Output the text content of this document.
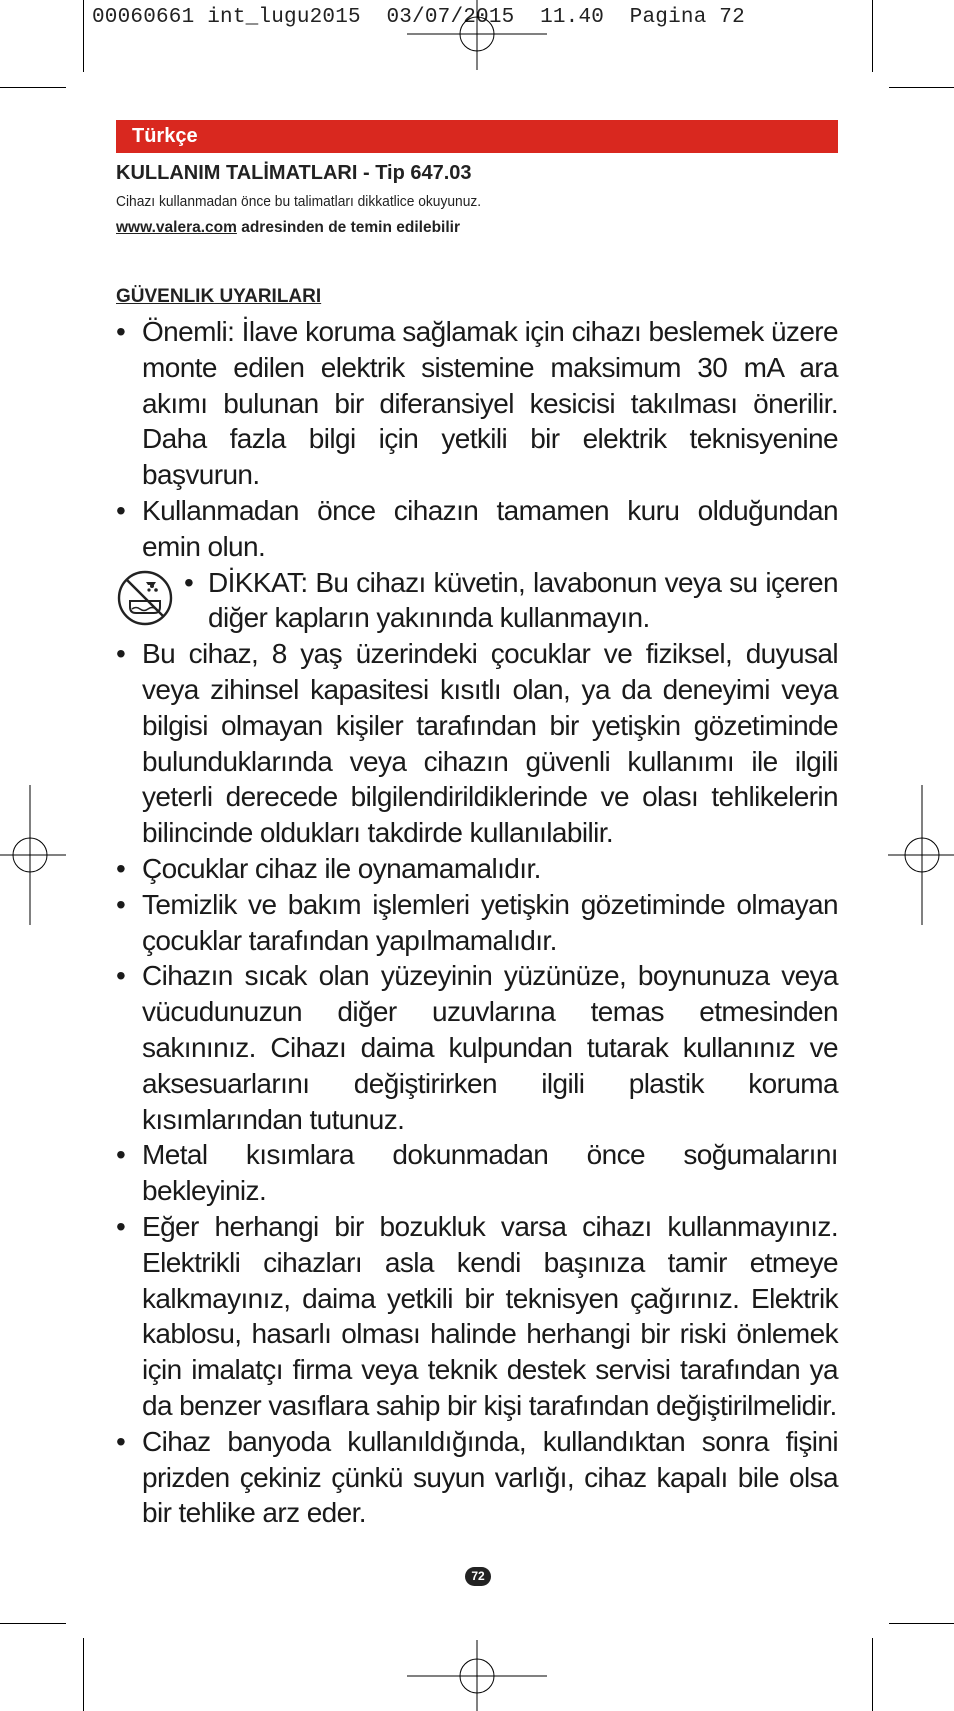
00060661 int_lugu2015  03/07/2015  11.40  Pagina 72
Türkçe
KULLANIM TALİMATLARI - Tip 647.03
Cihazı kullanmadan önce bu talimatları dikkatlice okuyunuz.
www.valera.com adresinden de temin edilebilir
GÜVENLIK UYARILARI
• Önemli: İlave koruma sağlamak için cihazı beslemek üzere monte edilen elektrik sistemine maksimum 30 mA ara akımı bulunan bir diferansiyel kesicisi takılması önerilir. Daha fazla bilgi için yetkili bir elektrik teknisyenine başvurun.
• Kullanmadan önce cihazın tamamen kuru olduğundan emin olun.
• DİKKAT: Bu cihazı küvetin, lavabonun veya su içeren diğer kapların yakınında kullanmayın.
• Bu cihaz, 8 yaş üzerindeki çocuklar ve fiziksel, duyusal veya zihinsel kapasitesi kısıtlı olan, ya da deneyimi veya bilgisi olmayan kişiler tarafından bir yetişkin gözetiminde bulunduklarında veya cihazın güvenli kullanımı ile ilgili yeterli derecede bilgilendirildiklerinde ve olası tehlikelerin bilincinde oldukları takdirde kullanılabilir.
• Çocuklar cihaz ile oynamamalıdır.
• Temizlik ve bakım işlemleri yetişkin gözetiminde olmayan çocuklar tarafından yapılmamalıdır.
• Cihazın sıcak olan yüzeyinin yüzünüze, boynunuza veya vücudunuzun diğer uzuvlarına temas etmesinden sakınınız. Cihazı daima kulpundan tutarak kullanınız ve aksesuarlarını değiştirirken ilgili plastik koruma kısımlarından tutunuz.
• Metal kısımlara dokunmadan önce soğumalarını bekleyiniz.
• Eğer herhangi bir bozukluk varsa cihazı kullanmayınız. Elektrikli cihazları asla kendi başınıza tamir etmeye kalkmayınız, daima yetkili bir teknisyen çağırınız. Elektrik kablosu, hasarlı olması halinde herhangi bir riski önlemek için imalatçı firma veya teknik destek servisi tarafından ya da benzer vasıflara sahip bir kişi tarafından değiştirilmelidir.
• Cihaz banyoda kullanıldığında, kullandıktan sonra fişini prizden çekiniz çünkü suyun varlığı, cihaz kapalı bile olsa bir tehlike arz eder.
72
